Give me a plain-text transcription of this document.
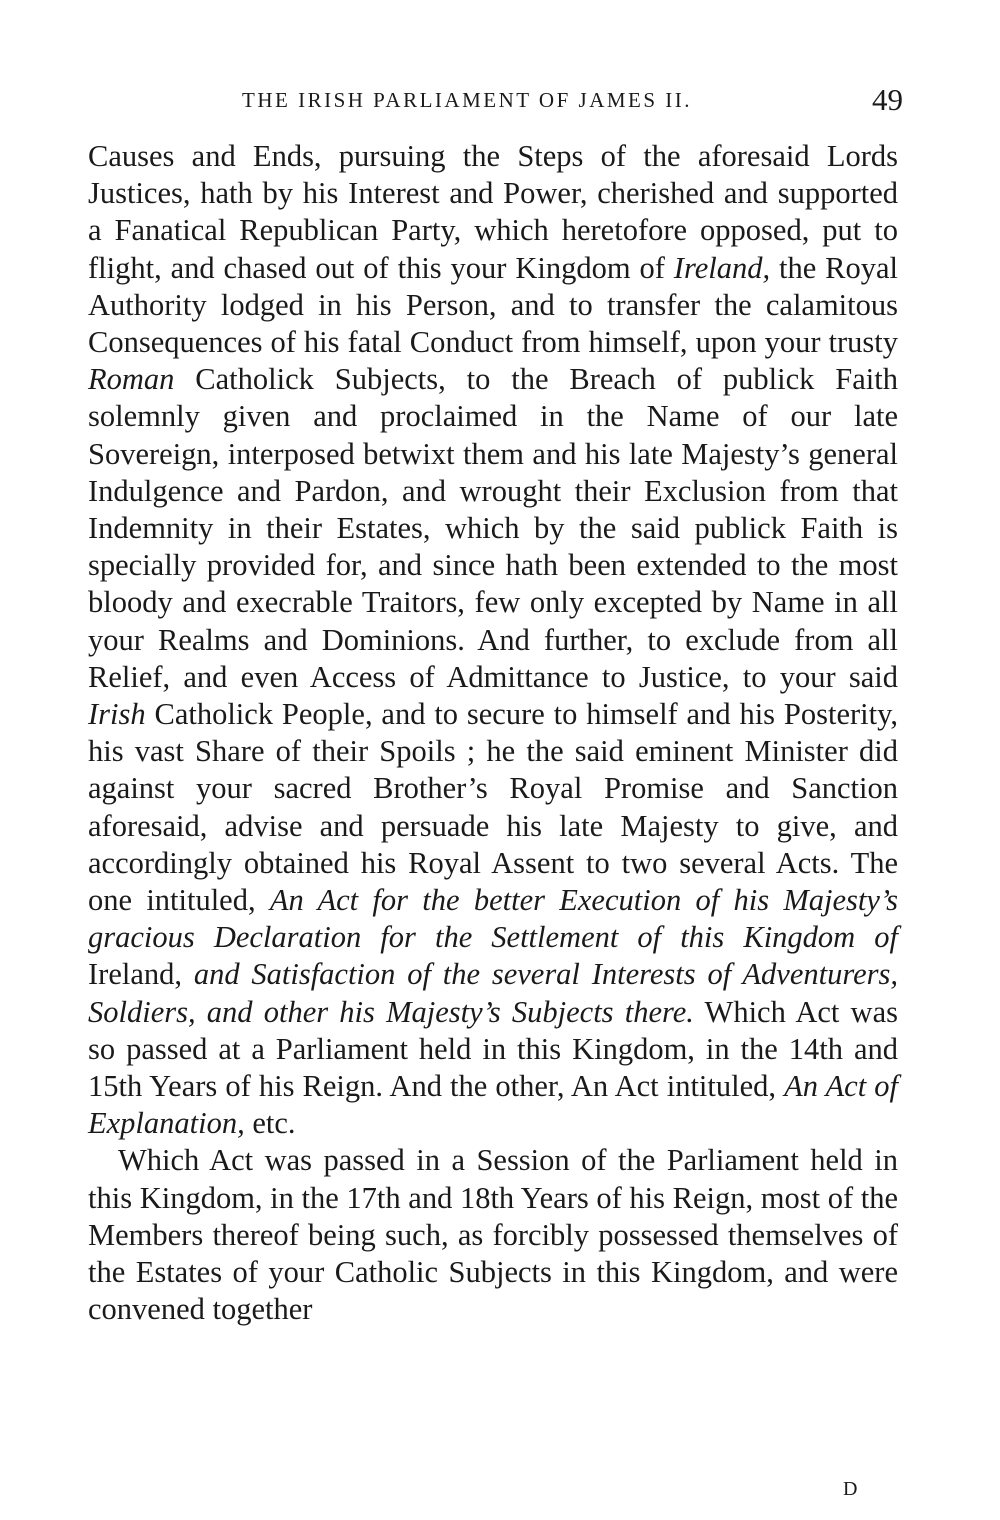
THE IRISH PARLIAMENT OF JAMES II.	49

Causes and Ends, pursuing the Steps of the aforesaid Lords Justices, hath by his Interest and Power, cherished and supported a Fanatical Republican Party, which heretofore opposed, put to flight, and chased out of this your Kingdom of Ireland, the Royal Authority lodged in his Person, and to transfer the calamitous Consequences of his fatal Conduct from himself, upon your trusty Roman Catholick Subjects, to the Breach of publick Faith solemnly given and proclaimed in the Name of our late Sovereign, interposed betwixt them and his late Majesty’s general Indulgence and Pardon, and wrought their Exclusion from that Indemnity in their Estates, which by the said publick Faith is specially provided for, and since hath been extended to the most bloody and execrable Traitors, few only excepted by Name in all your Realms and Dominions. And further, to exclude from all Relief, and even Access of Admittance to Justice, to your said Irish Catholick People, and to secure to himself and his Posterity, his vast Share of their Spoils ; he the said eminent Minister did against your sacred Brother’s Royal Promise and Sanction aforesaid, advise and persuade his late Majesty to give, and accordingly obtained his Royal Assent to two several Acts. The one intituled, An Act for the better Execution of his Majesty’s gracious Declaration for the Settlement of this Kingdom of Ireland, and Satisfaction of the several Interests of Adventurers, Soldiers, and other his Majesty’s Subjects there. Which Act was so passed at a Parliament held in this Kingdom, in the 14th and 15th Years of his Reign. And the other, An Act intituled, An Act of Explanation, etc.

Which Act was passed in a Session of the Parliament held in this Kingdom, in the 17th and 18th Years of his Reign, most of the Members thereof being such, as forcibly possessed themselves of the Estates of your Catholic Subjects in this Kingdom, and were convened together

D
